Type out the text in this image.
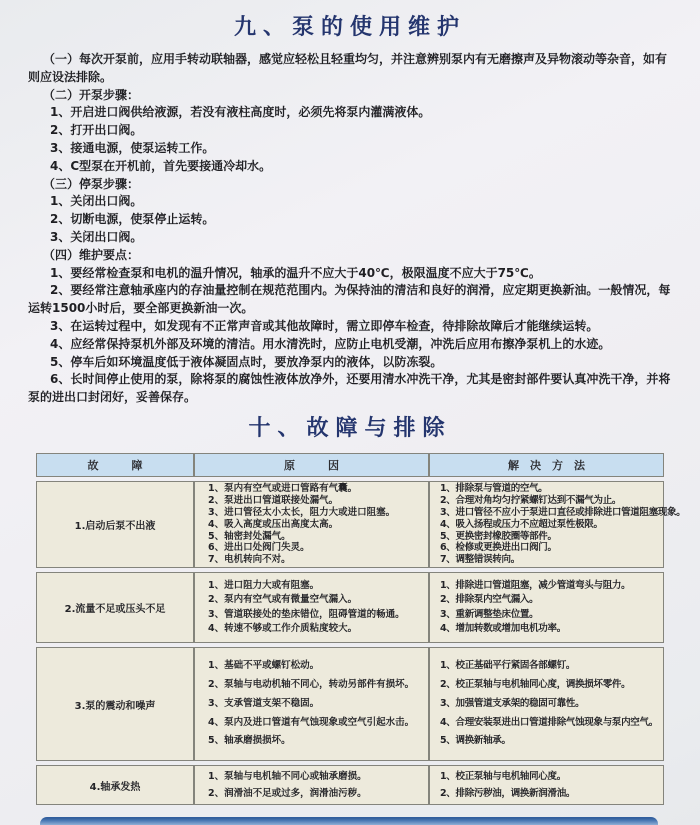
九、泵的使用维护

（一）每次开泵前，应用手转动联轴器，感觉应轻松且轻重均匀，并注意辨别泵内有无磨擦声及异物滚动等杂音，如有则应设法排除。

（二）开泵步骤：

1、开启进口阀供给液源，若没有液柱高度时，必须先将泵内灌满液体。

2、打开出口阀。

3、接通电源，使泵运转工作。

4、C型泵在开机前，首先要接通冷却水。

（三）停泵步骤：

1、关闭出口阀。

2、切断电源，使泵停止运转。

3、关闭出口阀。

（四）维护要点：

1、要经常检查泵和电机的温升情况，轴承的温升不应大于40℃，极限温度不应大于75℃。

2、要经常注意轴承座内的存油量控制在规范范围内。为保持油的清洁和良好的润滑，应定期更换新油。一般情况，每运转1500小时后，要全部更换新油一次。

3、在运转过程中，如发现有不正常声音或其他故障时，需立即停车检查，待排除故障后才能继续运转。

4、应经常保持泵机外部及环境的清洁。用水清洗时，应防止电机受潮，冲洗后应用布擦净泵机上的水迹。

5、停车后如环境温度低于液体凝固点时，要放净泵内的液体，以防冻裂。

6、长时间停止使用的泵，除将泵的腐蚀性液体放净外，还要用清水冲洗干净，尤其是密封部件要认真冲洗干净，并将泵的进出口封闭好，妥善保存。

十、故障与排除
故　　　障	原　　　因	解　决　方　法
1.启动后泵不出液	
1、泵内有空气或进口管路有气囊。
2、泵进出口管道联接处漏气。
3、进口管径太小太长，阻力大或进口阻塞。
4、吸入高度或压出高度太高。
5、轴密封处漏气。
6、进出口处阀门失灵。
7、电机转向不对。

1、排除泵与管道的空气。
2、合理对角均匀拧紧螺钉达到不漏气为止。
3、进口管径不应小于泵进口直径或排除进口管道阻塞现象。
4、吸入扬程或压力不应超过泵性极限。
5、更换密封橡胶圈等部件。
6、检修或更换进出口阀门。
7、调整错误转向。

2.流量不足或压头不足	
1、进口阻力大或有阻塞。
2、泵内有空气或有微量空气漏入。
3、管道联接处的垫床错位，阻碍管道的畅通。
4、转速不够或工作介质粘度较大。

1、排除进口管道阻塞，减少管道弯头与阻力。
2、排除泵内空气漏入。
3、重新调整垫床位置。
4、增加转数或增加电机功率。

3.泵的震动和噪声	
1、基础不平或螺钉松动。
2、泵轴与电动机轴不同心，转动另部件有损坏。
3、支承管道支架不稳固。
4、泵内及进口管道有气蚀现象或空气引起水击。
5、轴承磨损损坏。

1、校正基础平行紧固各部螺钉。
2、校正泵轴与电机轴同心度，调换损坏零件。
3、加强管道支承架的稳固可靠性。
4、合理安装泵进出口管道排除气蚀现象与泵内空气。
5、调换新轴承。

4.轴承发热	
1、泵轴与电机轴不同心或轴承磨损。
2、润滑油不足或过多，润滑油污秽。

1、校正泵轴与电机轴同心度。
2、排除污秽油，调换新润滑油。
